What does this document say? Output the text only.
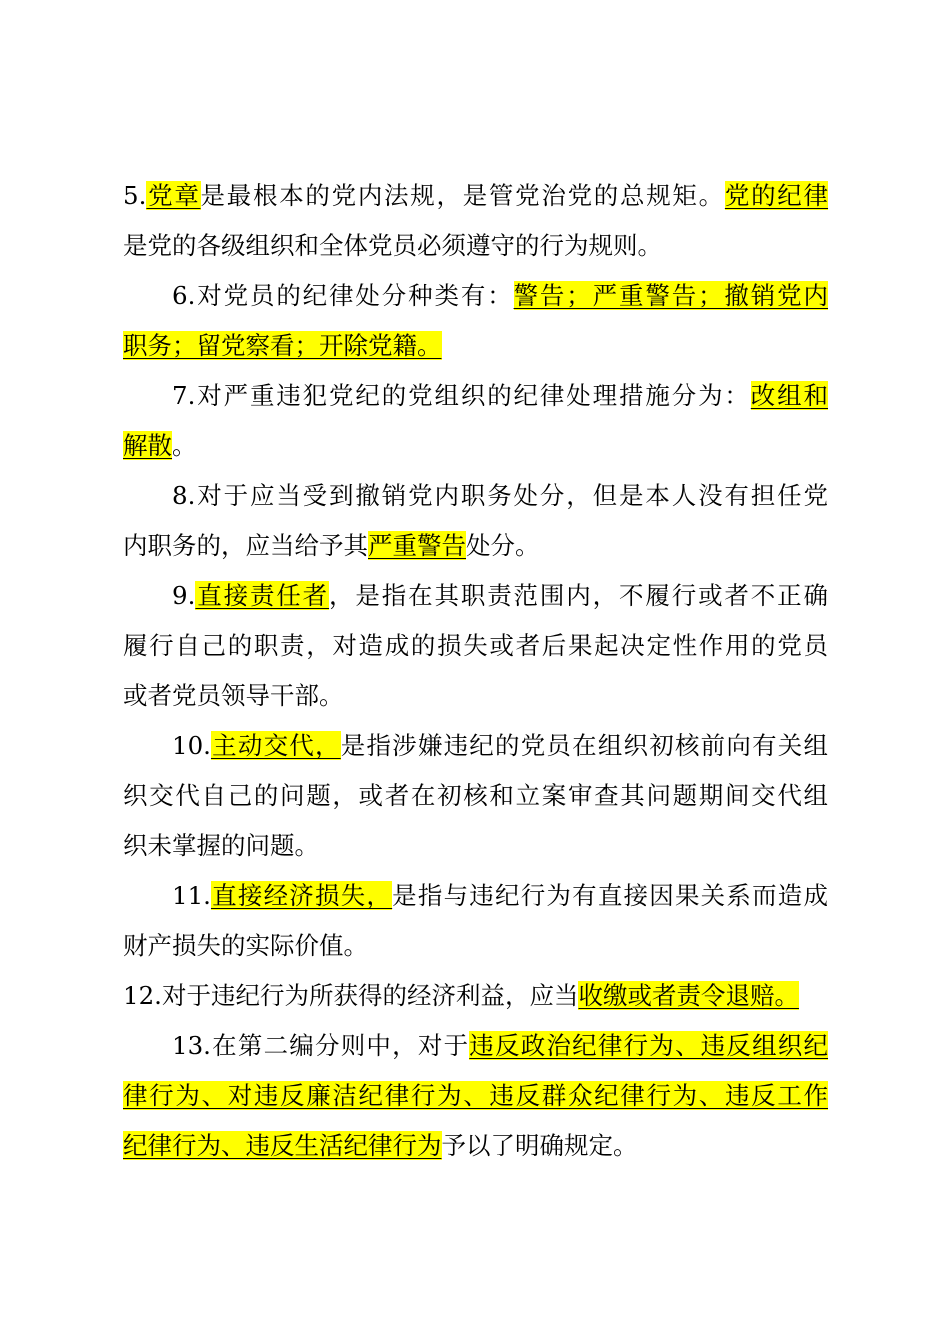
5.党章是最根本的党内法规，是管党治党的总规矩。党的纪律
是党的各级组织和全体党员必须遵守的行为规则。
6.对党员的纪律处分种类有：警告；严重警告；撤销党内
职务；留党察看；开除党籍。
7.对严重违犯党纪的党组织的纪律处理措施分为：改组和
解散。
8.对于应当受到撤销党内职务处分，但是本人没有担任党
内职务的，应当给予其严重警告处分。
9.直接责任者，是指在其职责范围内，不履行或者不正确
履行自己的职责，对造成的损失或者后果起决定性作用的党员
或者党员领导干部。
10.主动交代，是指涉嫌违纪的党员在组织初核前向有关组
织交代自己的问题，或者在初核和立案审查其问题期间交代组
织未掌握的问题。
11.直接经济损失，是指与违纪行为有直接因果关系而造成
财产损失的实际价值。
12.对于违纪行为所获得的经济利益，应当收缴或者责令退赔。
13.在第二编分则中，对于违反政治纪律行为、违反组织纪
律行为、对违反廉洁纪律行为、违反群众纪律行为、违反工作
纪律行为、违反生活纪律行为予以了明确规定。
